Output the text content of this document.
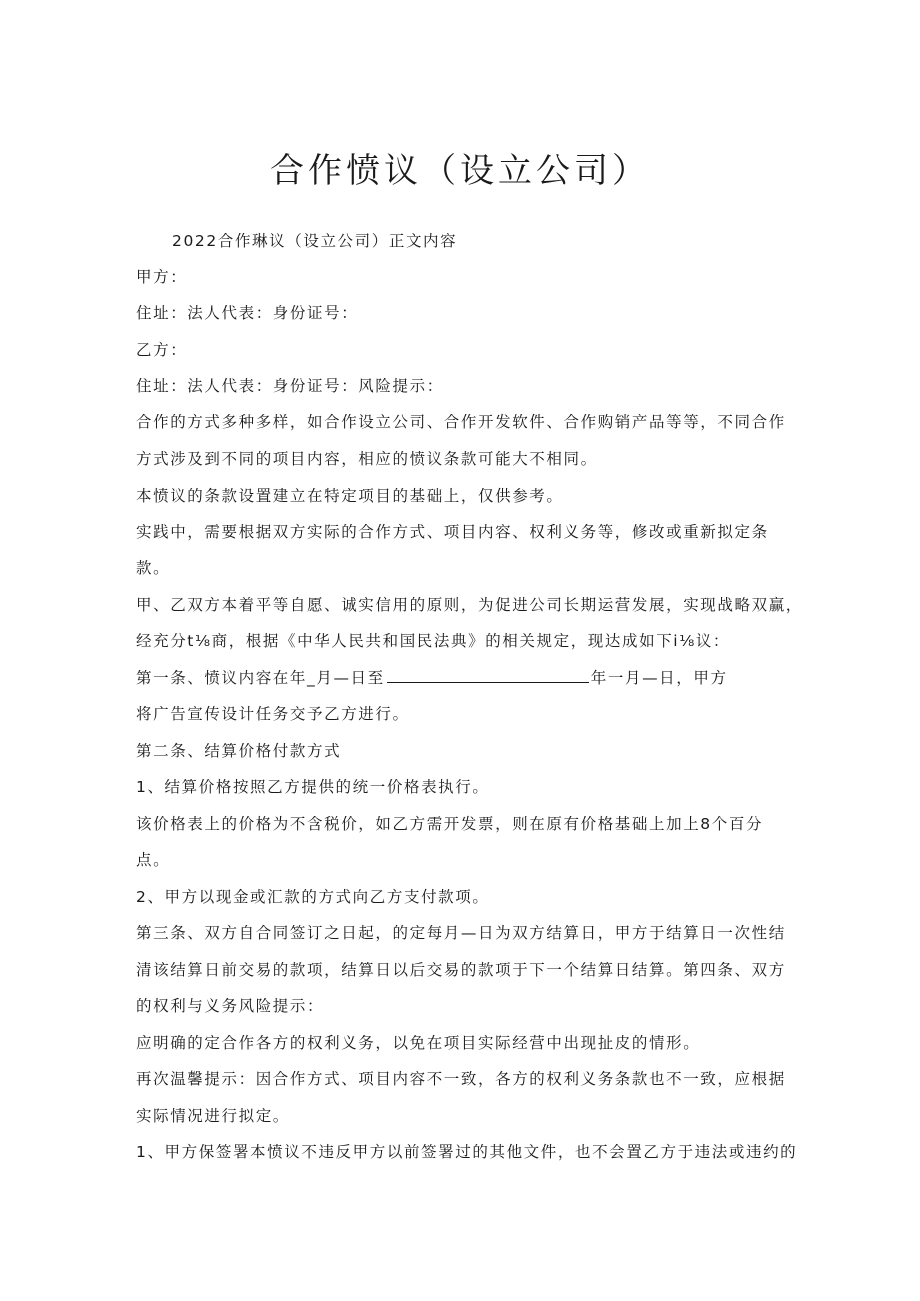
合作愤议（设立公司）

2022合作琳议（设立公司）正文内容

甲方：

住址：法人代表：身份证号：

乙方：

住址：法人代表：身份证号：风险提示：

合作的方式多种多样，如合作设立公司、合作开发软件、合作购销产品等等，不同合作

方式涉及到不同的项目内容，相应的愤议条款可能大不相同。

本愤议的条款设置建立在特定项目的基础上，仅供参考。

实践中，需要根据双方实际的合作方式、项目内容、权利义务等，修改或重新拟定条

款。

甲、乙双方本着平等自愿、诚实信用的原则，为促进公司长期运营发展，实现战略双赢，

经充分t⅛商，根据《中华人民共和国民法典》的相关规定，现达成如下i⅛议：

第一条、愤议内容在年_月—日至	年一月—日，甲方

将广告宣传设计任务交予乙方进行。

第二条、结算价格付款方式

1、结算价格按照乙方提供的统一价格表执行。

该价格表上的价格为不含税价，如乙方需开发票，则在原有价格基础上加上8个百分

点。

2、甲方以现金或汇款的方式向乙方支付款项。

第三条、双方自合同签订之日起，的定每月—日为双方结算日，甲方于结算日一次性结

清该结算日前交易的款项，结算日以后交易的款项于下一个结算日结算。第四条、双方

的权利与义务风险提示：

应明确的定合作各方的权利义务，以免在项目实际经营中出现扯皮的情形。

再次温馨提示：因合作方式、项目内容不一致，各方的权利义务条款也不一致，应根据

实际情况进行拟定。

1、甲方保签署本愤议不违反甲方以前签署过的其他文件，也不会置乙方于违法或违约的
